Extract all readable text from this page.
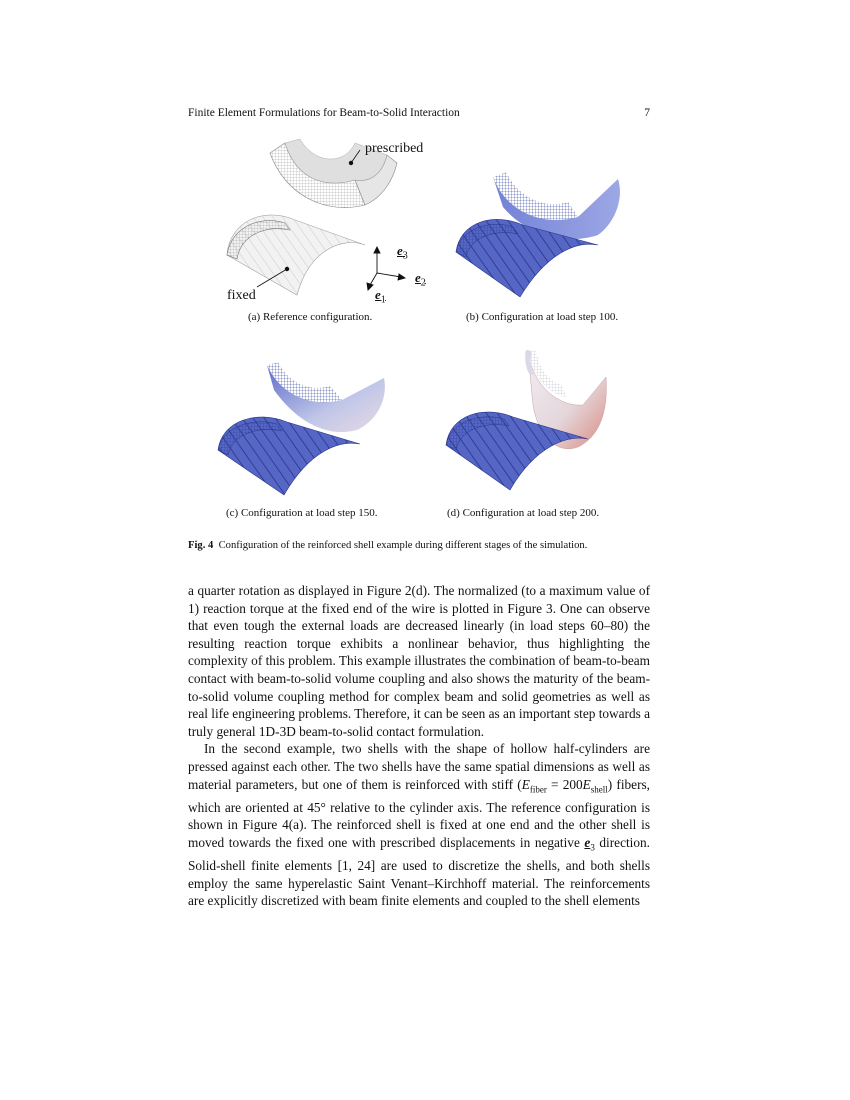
Finite Element Formulations for Beam-to-Solid Interaction	7
prescribed
fixed
$e_3$
$e_2$
$e_1$
(a) Reference configuration.	(b) Configuration at load step 100.
(c) Configuration at load step 150.	(d) Configuration at load step 200.
Fig. 4 Configuration of the reinforced shell example during different stages of the simulation.

a quarter rotation as displayed in Figure 2(d). The normalized (to a maximum value of 1) reaction torque at the fixed end of the wire is plotted in Figure 3. One can observe that even tough the external loads are decreased linearly (in load steps 60–80) the resulting reaction torque exhibits a nonlinear behavior, thus highlighting the complexity of this problem. This example illustrates the combination of beam-to-beam contact with beam-to-solid volume coupling and also shows the maturity of the beam-to-solid volume coupling method for complex beam and solid geometries as well as real life engineering problems. Therefore, it can be seen as an important step towards a truly general 1D-3D beam-to-solid contact formulation.

In the second example, two shells with the shape of hollow half-cylinders are pressed against each other. The two shells have the same spatial dimensions as well as material parameters, but one of them is reinforced with stiff $(E_{fiber} = 200E_{shell})$ fibers, which are oriented at 45° relative to the cylinder axis. The reference configuration is shown in Figure 4(a). The reinforced shell is fixed at one end and the other shell is moved towards the fixed one with prescribed displacements in negative $e_3$ direction. Solid-shell finite elements [1, 24] are used to discretize the shells, and both shells employ the same hyperelastic Saint Venant–Kirchhoff material. The reinforcements are explicitly discretized with beam finite elements and coupled to the shell elements
